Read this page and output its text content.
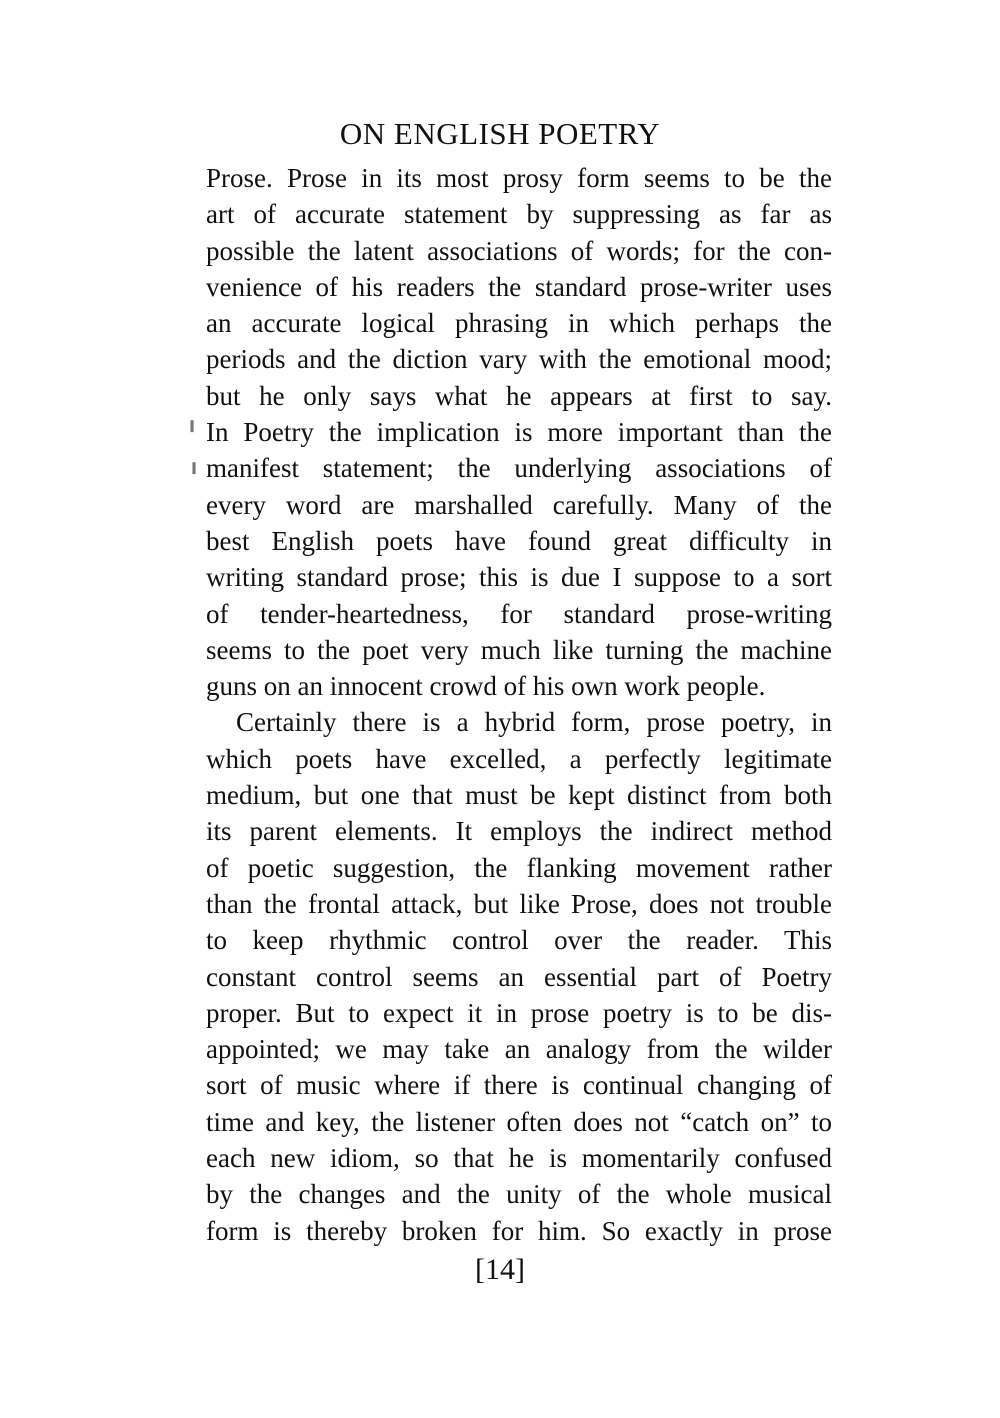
ON ENGLISH POETRY
Prose. Prose in its most prosy form seems to be the
art of accurate statement by suppressing as far as
possible the latent associations of words; for the con-
venience of his readers the standard prose-writer uses
an accurate logical phrasing in which perhaps the
periods and the diction vary with the emotional mood;
but he only says what he appears at first to say.
In Poetry the implication is more important than the
manifest statement; the underlying associations of
every word are marshalled carefully. Many of the
best English poets have found great difficulty in
writing standard prose; this is due I suppose to a sort
of tender-heartedness, for standard prose-writing
seems to the poet very much like turning the machine
guns on an innocent crowd of his own work people.
Certainly there is a hybrid form, prose poetry, in
which poets have excelled, a perfectly legitimate
medium, but one that must be kept distinct from both
its parent elements. It employs the indirect method
of poetic suggestion, the flanking movement rather
than the frontal attack, but like Prose, does not trouble
to keep rhythmic control over the reader. This
constant control seems an essential part of Poetry
proper. But to expect it in prose poetry is to be dis-
appointed; we may take an analogy from the wilder
sort of music where if there is continual changing of
time and key, the listener often does not “catch on” to
each new idiom, so that he is momentarily confused
by the changes and the unity of the whole musical
form is thereby broken for him. So exactly in prose
╹
╹
[14]
